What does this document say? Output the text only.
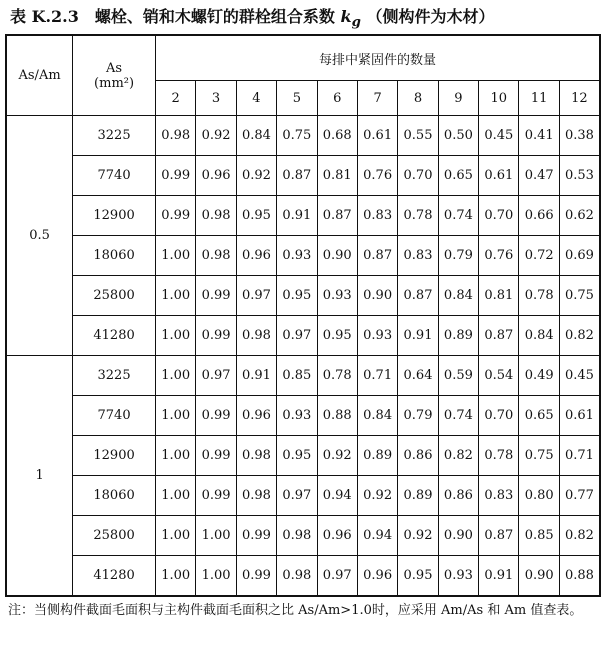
表 K.2.3　螺栓、销和木螺钉的群栓组合系数 $k_g$ （侧构件为木材）
As/Am	As
(mm²)	每排中紧固件的数量										
		2	3	4	5	6	7	8	9	10	11	12
0.5	3225	0.98	0.92	0.84	0.75	0.68	0.61	0.55	0.50	0.45	0.41	0.38
	7740	0.99	0.96	0.92	0.87	0.81	0.76	0.70	0.65	0.61	0.47	0.53
	12900	0.99	0.98	0.95	0.91	0.87	0.83	0.78	0.74	0.70	0.66	0.62
	18060	1.00	0.98	0.96	0.93	0.90	0.87	0.83	0.79	0.76	0.72	0.69
	25800	1.00	0.99	0.97	0.95	0.93	0.90	0.87	0.84	0.81	0.78	0.75
	41280	1.00	0.99	0.98	0.97	0.95	0.93	0.91	0.89	0.87	0.84	0.82
1	3225	1.00	0.97	0.91	0.85	0.78	0.71	0.64	0.59	0.54	0.49	0.45
	7740	1.00	0.99	0.96	0.93	0.88	0.84	0.79	0.74	0.70	0.65	0.61
	12900	1.00	0.99	0.98	0.95	0.92	0.89	0.86	0.82	0.78	0.75	0.71
	18060	1.00	0.99	0.98	0.97	0.94	0.92	0.89	0.86	0.83	0.80	0.77
	25800	1.00	1.00	0.99	0.98	0.96	0.94	0.92	0.90	0.87	0.85	0.82
	41280	1.00	1.00	0.99	0.98	0.97	0.96	0.95	0.93	0.91	0.90	0.88
注：当侧构件截面毛面积与主构件截面毛面积之比 As/Am>1.0时，应采用 Am/As 和 Am 值查表。
